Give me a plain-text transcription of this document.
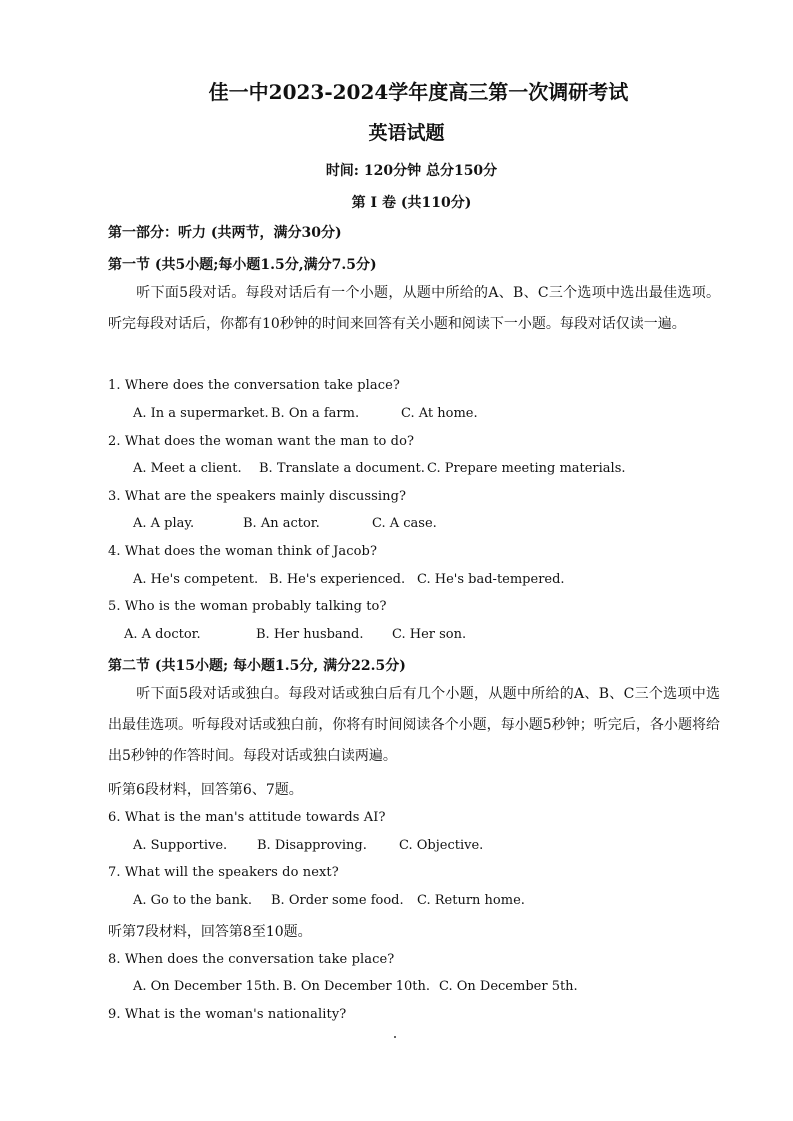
佳一中2023-2024学年度高三第一次调研考试
英语试题
时间: 120分钟 总分150分
第 I 卷 (共110分)
第一部分：听力 (共两节，满分30分)
第一节 (共5小题;每小题1.5分,满分7.5分)
听下面5段对话。每段对话后有一个小题，从题中所给的A、B、C三个选项中选出最佳选项。听完每段对话后，你都有10秒钟的时间来回答有关小题和阅读下一小题。每段对话仅读一遍。
1. Where does the conversation take place?
A. In a supermarket. B. On a farm.	C. At home.
2. What does the woman want the man to do?
A. Meet a client. B. Translate a document. C. Prepare meeting materials.
3. What are the speakers mainly discussing?
A. A play.	B. An actor.	C. A case.
4. What does the woman think of Jacob?
A. He's competent. B. He's experienced. C. He's bad-tempered.
5. Who is the woman probably talking to?
A. A doctor.	B. Her husband. C. Her son.
第二节 (共15小题; 每小题1.5分, 满分22.5分)
听下面5段对话或独白。每段对话或独白后有几个小题，从题中所给的A、B、C三个选项中选出最佳选项。听每段对话或独白前，你将有时间阅读各个小题，每小题5秒钟；听完后，各小题将给出5秒钟的作答时间。每段对话或独白读两遍。
听第6段材料，回答第6、7题。
6. What is the man's attitude towards AI?
A. Supportive. B. Disapproving. C. Objective.
7. What will the speakers do next?
A. Go to the bank. B. Order some food. C. Return home.
听第7段材料，回答第8至10题。
8. When does the conversation take place?
A. On December 15th. B. On December 10th. C. On December 5th.
9. What is the woman's nationality?
